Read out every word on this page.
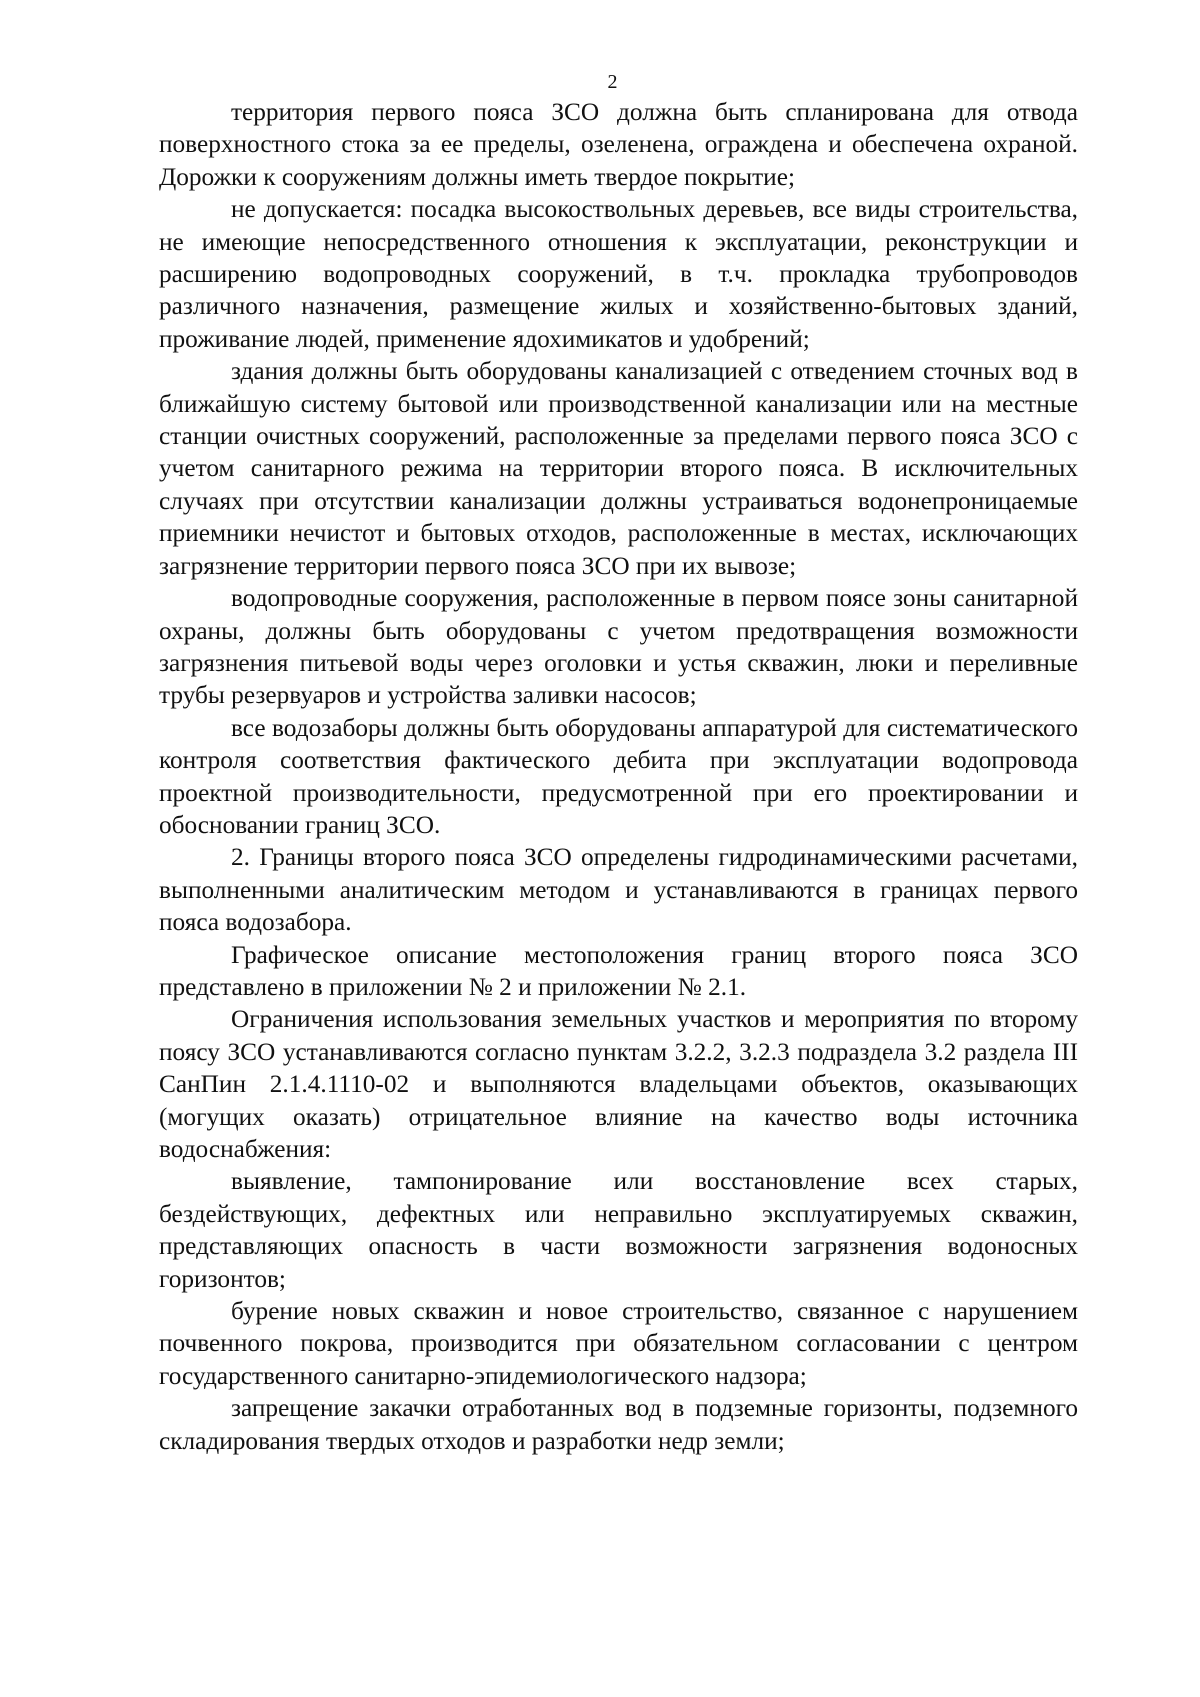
2

территория первого пояса ЗСО должна быть спланирована для отвода поверхностного стока за ее пределы, озеленена, ограждена и обеспечена охраной. Дорожки к сооружениям должны иметь твердое покрытие;

не допускается: посадка высокоствольных деревьев, все виды строительства, не имеющие непосредственного отношения к эксплуатации, реконструкции и расширению водопроводных сооружений, в т.ч. прокладка трубопроводов различного назначения, размещение жилых и хозяйственно-бытовых зданий, проживание людей, применение ядохимикатов и удобрений;

здания должны быть оборудованы канализацией с отведением сточных вод в ближайшую систему бытовой или производственной канализации или на местные станции очистных сооружений, расположенные за пределами первого пояса ЗСО с учетом санитарного режима на территории второго пояса. В исключительных случаях при отсутствии канализации должны устраиваться водонепроницаемые приемники нечистот и бытовых отходов, расположенные в местах, исключающих загрязнение территории первого пояса ЗСО при их вывозе;

водопроводные сооружения, расположенные в первом поясе зоны санитарной охраны, должны быть оборудованы с учетом предотвращения возможности загрязнения питьевой воды через оголовки и устья скважин, люки и переливные трубы резервуаров и устройства заливки насосов;

все водозаборы должны быть оборудованы аппаратурой для систематического контроля соответствия фактического дебита при эксплуатации водопровода проектной производительности, предусмотренной при его проектировании и обосновании границ ЗСО.

2. Границы второго пояса ЗСО определены гидродинамическими расчетами, выполненными аналитическим методом и устанавливаются в границах первого пояса водозабора.

Графическое описание местоположения границ второго пояса ЗСО представлено в приложении № 2 и приложении № 2.1.

Ограничения использования земельных участков и мероприятия по второму поясу ЗСО устанавливаются согласно пунктам 3.2.2, 3.2.3 подраздела 3.2 раздела III СанПин 2.1.4.1110-02 и выполняются владельцами объектов, оказывающих (могущих оказать) отрицательное влияние на качество воды источника водоснабжения:

выявление, тампонирование или восстановление всех старых, бездействующих, дефектных или неправильно эксплуатируемых скважин, представляющих опасность в части возможности загрязнения водоносных горизонтов;

бурение новых скважин и новое строительство, связанное с нарушением почвенного покрова, производится при обязательном согласовании с центром государственного санитарно-эпидемиологического надзора;

запрещение закачки отработанных вод в подземные горизонты, подземного складирования твердых отходов и разработки недр земли;
